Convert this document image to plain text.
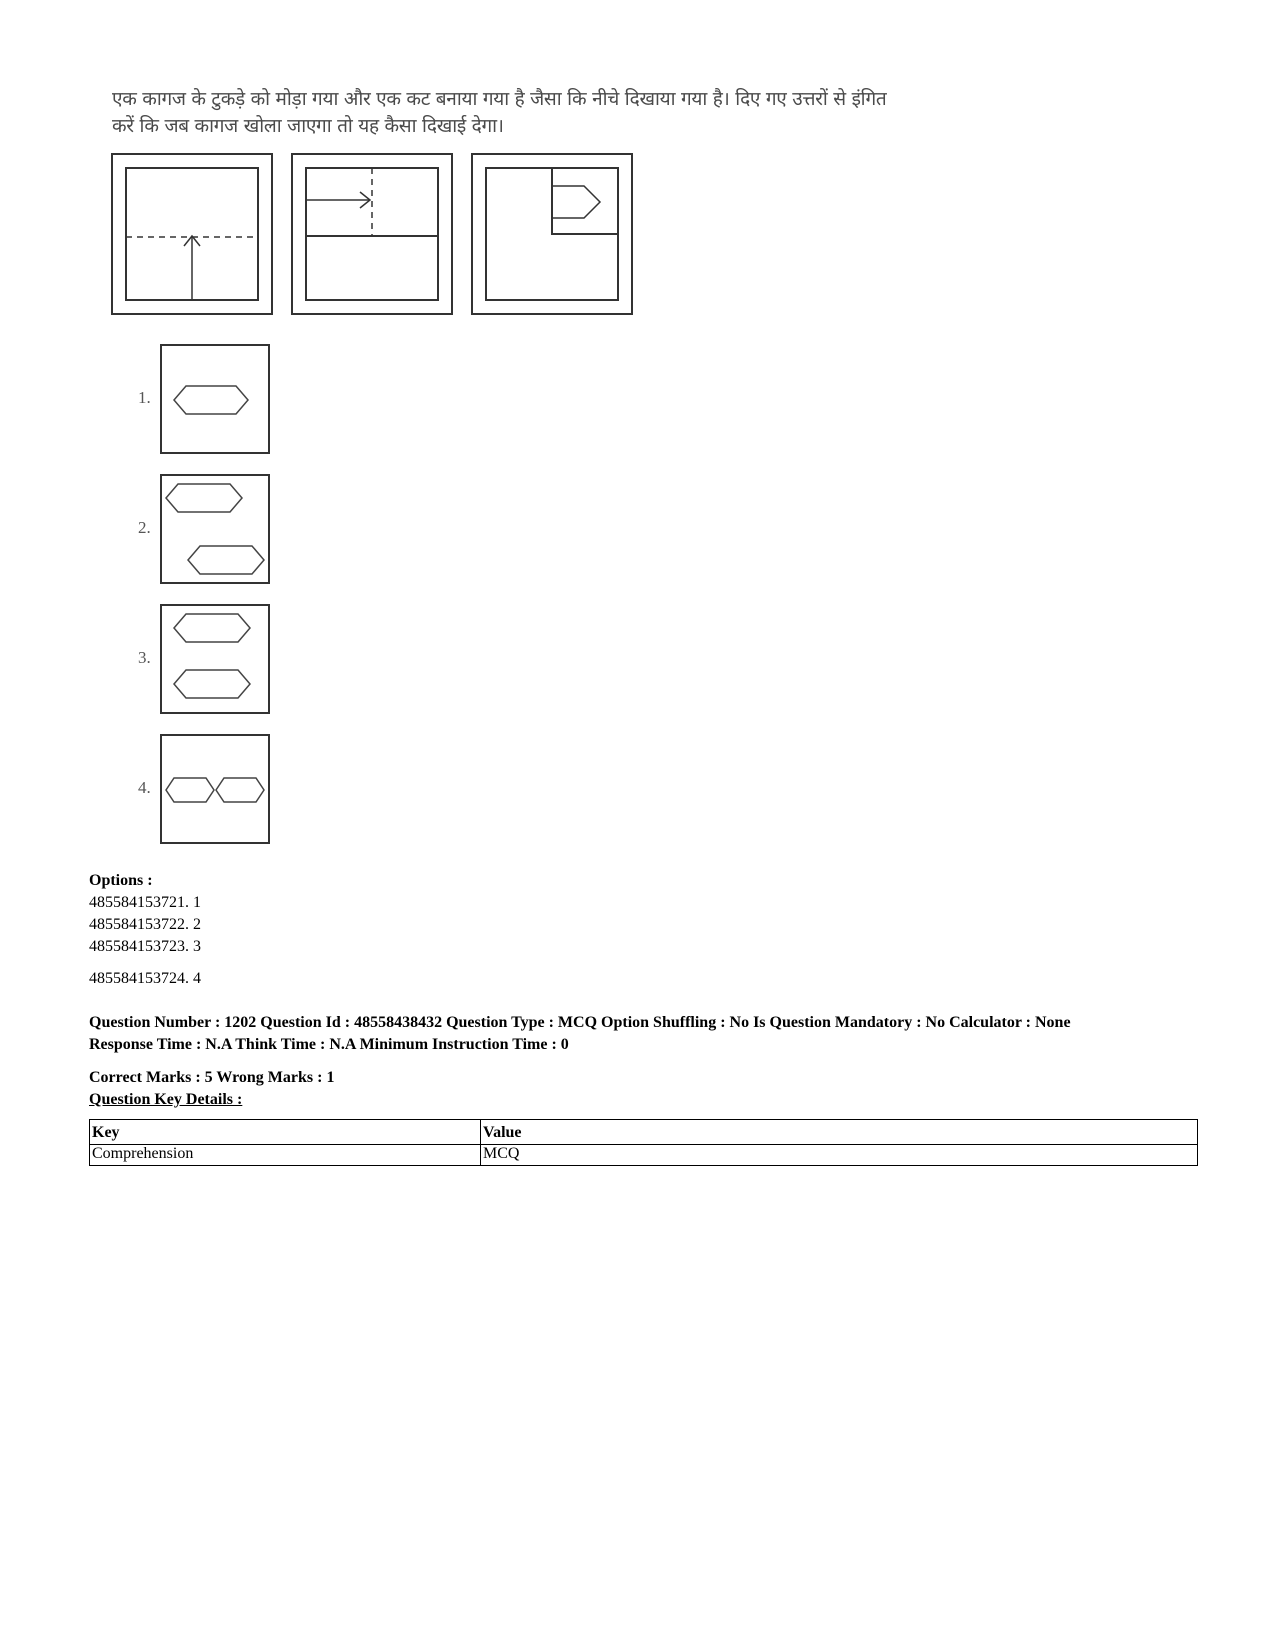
एक कागज के टुकड़े को मोड़ा गया और एक कट बनाया गया है जैसा कि नीचे दिखाया गया है। दिए गए उत्तरों से इंगित
करें कि जब कागज खोला जाएगा तो यह कैसा दिखाई देगा।
1.
2.
3.
4.
Options :
485584153721. 1
485584153722. 2
485584153723. 3
485584153724. 4
Question Number : 1202 Question Id : 48558438432 Question Type : MCQ Option Shuffling : No Is Question Mandatory : No Calculator : None
Response Time : N.A Think Time : N.A Minimum Instruction Time : 0
Correct Marks : 5 Wrong Marks : 1
Question Key Details :
Key	Value
Comprehension	MCQ
